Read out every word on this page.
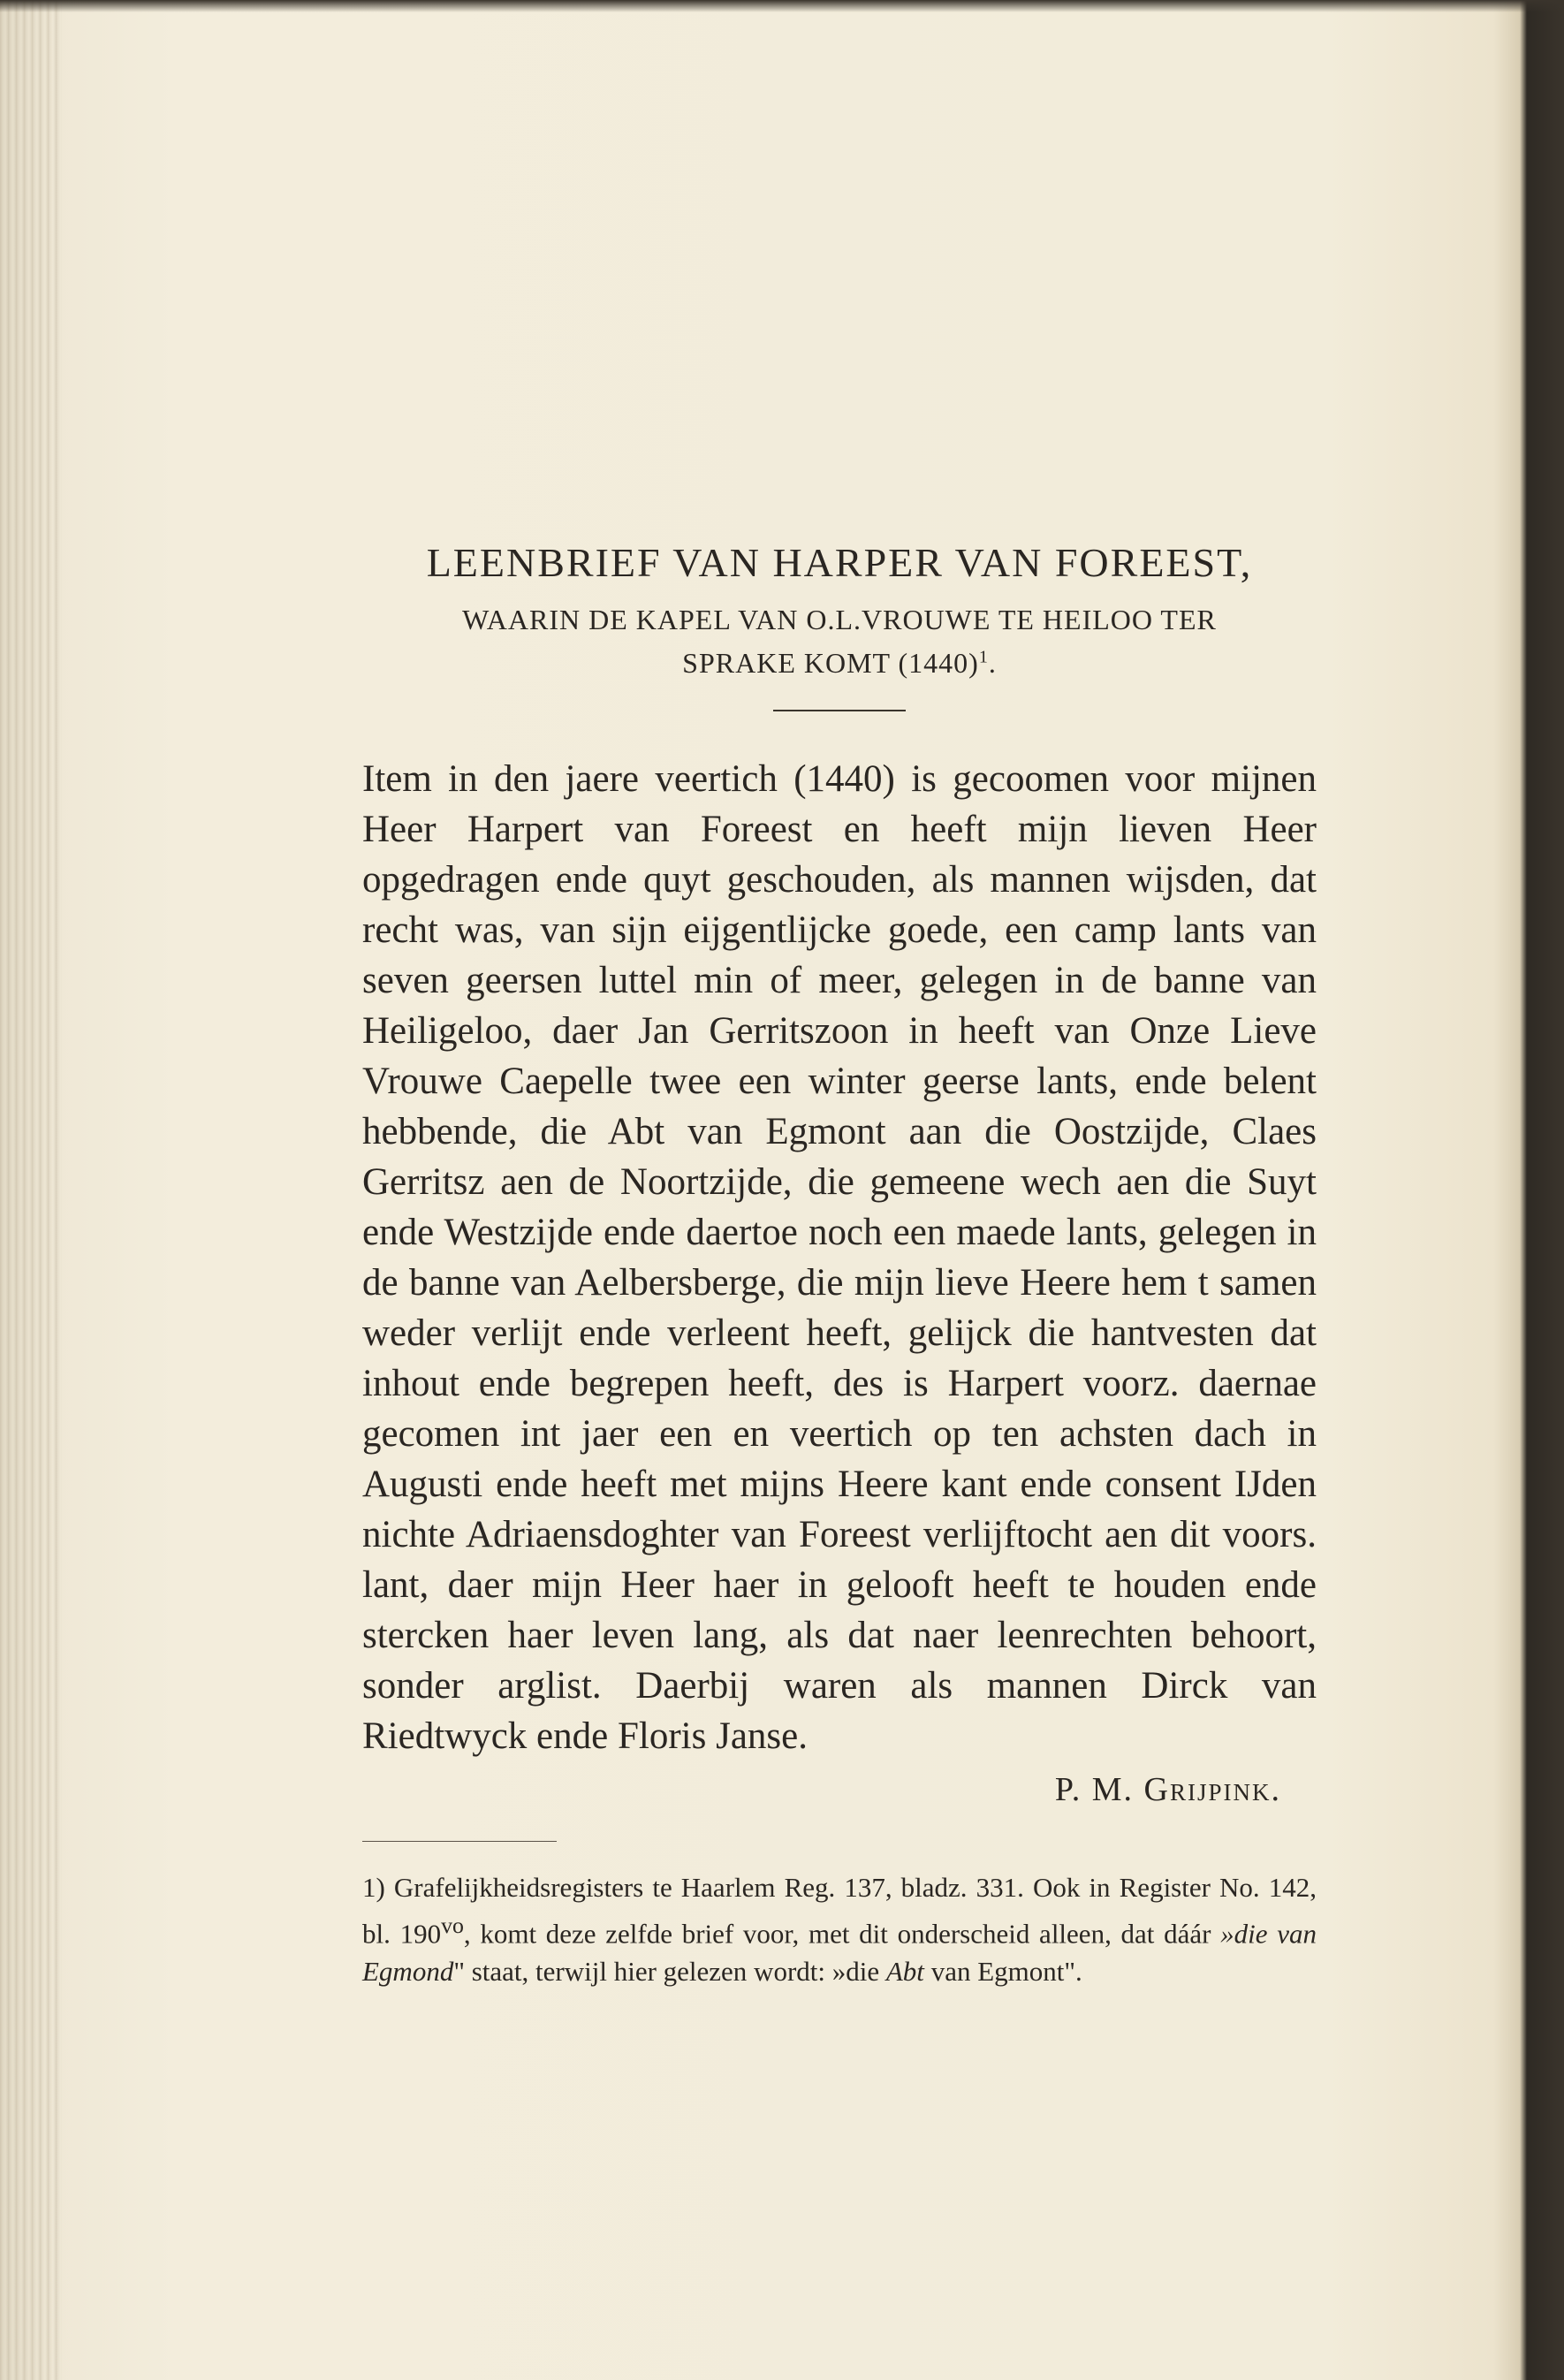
LEENBRIEF VAN HARPER VAN FOREEST,
WAARIN DE KAPEL VAN O.L.VROUWE TE HEILOO TER
SPRAKE KOMT $(1440)^1$.

Item in den jaere veertich (1440) is gecoomen voor mijnen Heer Harpert van Foreest en heeft mijn lieven Heer opgedragen ende quyt geschouden, als mannen wijsden, dat recht was, van sijn eijgentlijcke goede, een camp lants van seven geersen luttel min of meer, gelegen in de banne van Heiligeloo, daer Jan Gerritszoon in heeft van Onze Lieve Vrouwe Caepelle twee een winter geerse lants, ende belent hebbende, die Abt van Egmont aan die Oostzijde, Claes Gerritsz aen de Noortzijde, die gemeene wech aen die Suyt ende Westzijde ende daertoe noch een maede lants, gelegen in de banne van Aelbersberge, die mijn lieve Heere hem t samen weder verlijt ende verleent heeft, gelijck die hantvesten dat inhout ende begrepen heeft, des is Harpert voorz. daernae gecomen int jaer een en veertich op ten achsten dach in Augusti ende heeft met mijns Heere kant ende consent IJden nichte Adriaensdoghter van Foreest verlijftocht aen dit voors. lant, daer mijn Heer haer in gelooft heeft te houden ende stercken haer leven lang, als dat naer leenrechten behoort, sonder arglist. Daerbij waren als mannen Dirck van Riedtwyck ende Floris Janse.

P. M. Grijpink.

1) Grafelijkheidsregisters te Haarlem Reg. 137, bladz. 331. Ook in Register No. 142, bl. $190^{vo}$, komt deze zelfde brief voor, met dit onderscheid alleen, dat dáár »die van Egmond" staat, terwijl hier gelezen wordt: »die Abt van Egmont".
